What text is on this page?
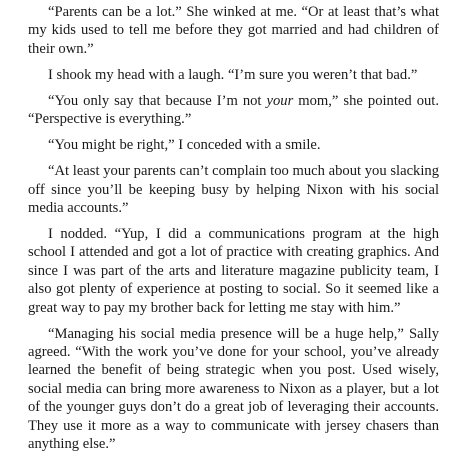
“Parents can be a lot.” She winked at me. “Or at least that’s what my kids used to tell me before they got married and had children of their own.”

I shook my head with a laugh. “I’m sure you weren’t that bad.”

“You only say that because I’m not your mom,” she pointed out. “Perspective is everything.”

“You might be right,” I conceded with a smile.

“At least your parents can’t complain too much about you slacking off since you’ll be keeping busy by helping Nixon with his social media accounts.”

I nodded. “Yup, I did a communications program at the high school I attended and got a lot of practice with creating graphics. And since I was part of the arts and literature magazine publicity team, I also got plenty of experience at posting to social. So it seemed like a great way to pay my brother back for letting me stay with him.”

“Managing his social media presence will be a huge help,” Sally agreed. “With the work you’ve done for your school, you’ve already learned the benefit of being strategic when you post. Used wisely, social media can bring more awareness to Nixon as a player, but a lot of the younger guys don’t do a great job of leveraging their accounts. They use it more as a way to communicate with jersey chasers than anything else.”
